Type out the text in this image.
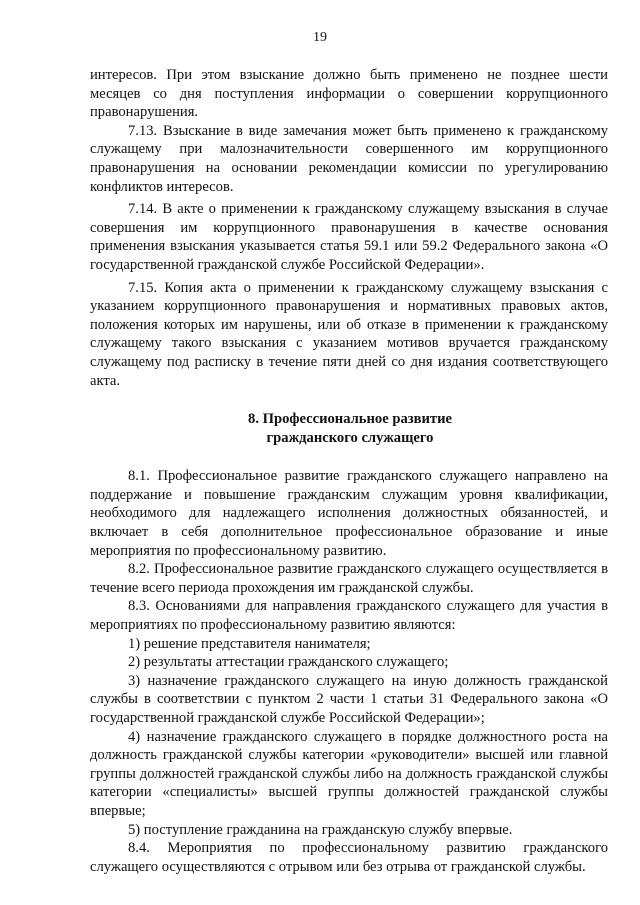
19

интересов. При этом взыскание должно быть применено не позднее шести месяцев со дня поступления информации о совершении коррупционного правонарушения.

7.13. Взыскание в виде замечания может быть применено к гражданскому служащему при малозначительности совершенного им коррупционного правонарушения на основании рекомендации комиссии по урегулированию конфликтов интересов.

7.14. В акте о применении к гражданскому служащему взыскания в случае совершения им коррупционного правонарушения в качестве основания применения взыскания указывается статья 59.1 или 59.2 Федерального закона «О государственной гражданской службе Российской Федерации».

7.15. Копия акта о применении к гражданскому служащему взыскания с указанием коррупционного правонарушения и нормативных правовых актов, положения которых им нарушены, или об отказе в применении к гражданскому служащему такого взыскания с указанием мотивов вручается гражданскому служащему под расписку в течение пяти дней со дня издания соответствующего акта.

8. Профессиональное развитие

гражданского служащего

8.1. Профессиональное развитие гражданского служащего направлено на поддержание и повышение гражданским служащим уровня квалификации, необходимого для надлежащего исполнения должностных обязанностей, и включает в себя дополнительное профессиональное образование и иные мероприятия по профессиональному развитию.

8.2. Профессиональное развитие гражданского служащего осуществляется в течение всего периода прохождения им гражданской службы.

8.3. Основаниями для направления гражданского служащего для участия в мероприятиях по профессиональному развитию являются:

1) решение представителя нанимателя;

2) результаты аттестации гражданского служащего;

3) назначение гражданского служащего на иную должность гражданской службы в соответствии с пунктом 2 части 1 статьи 31 Федерального закона «О государственной гражданской службе Российской Федерации»;

4) назначение гражданского служащего в порядке должностного роста на должность гражданской службы категории «руководители» высшей или главной группы должностей гражданской службы либо на должность гражданской службы категории «специалисты» высшей группы должностей гражданской службы впервые;

5) поступление гражданина на гражданскую службу впервые.

8.4. Мероприятия по профессиональному развитию гражданского служащего осуществляются с отрывом или без отрыва от гражданской службы.
